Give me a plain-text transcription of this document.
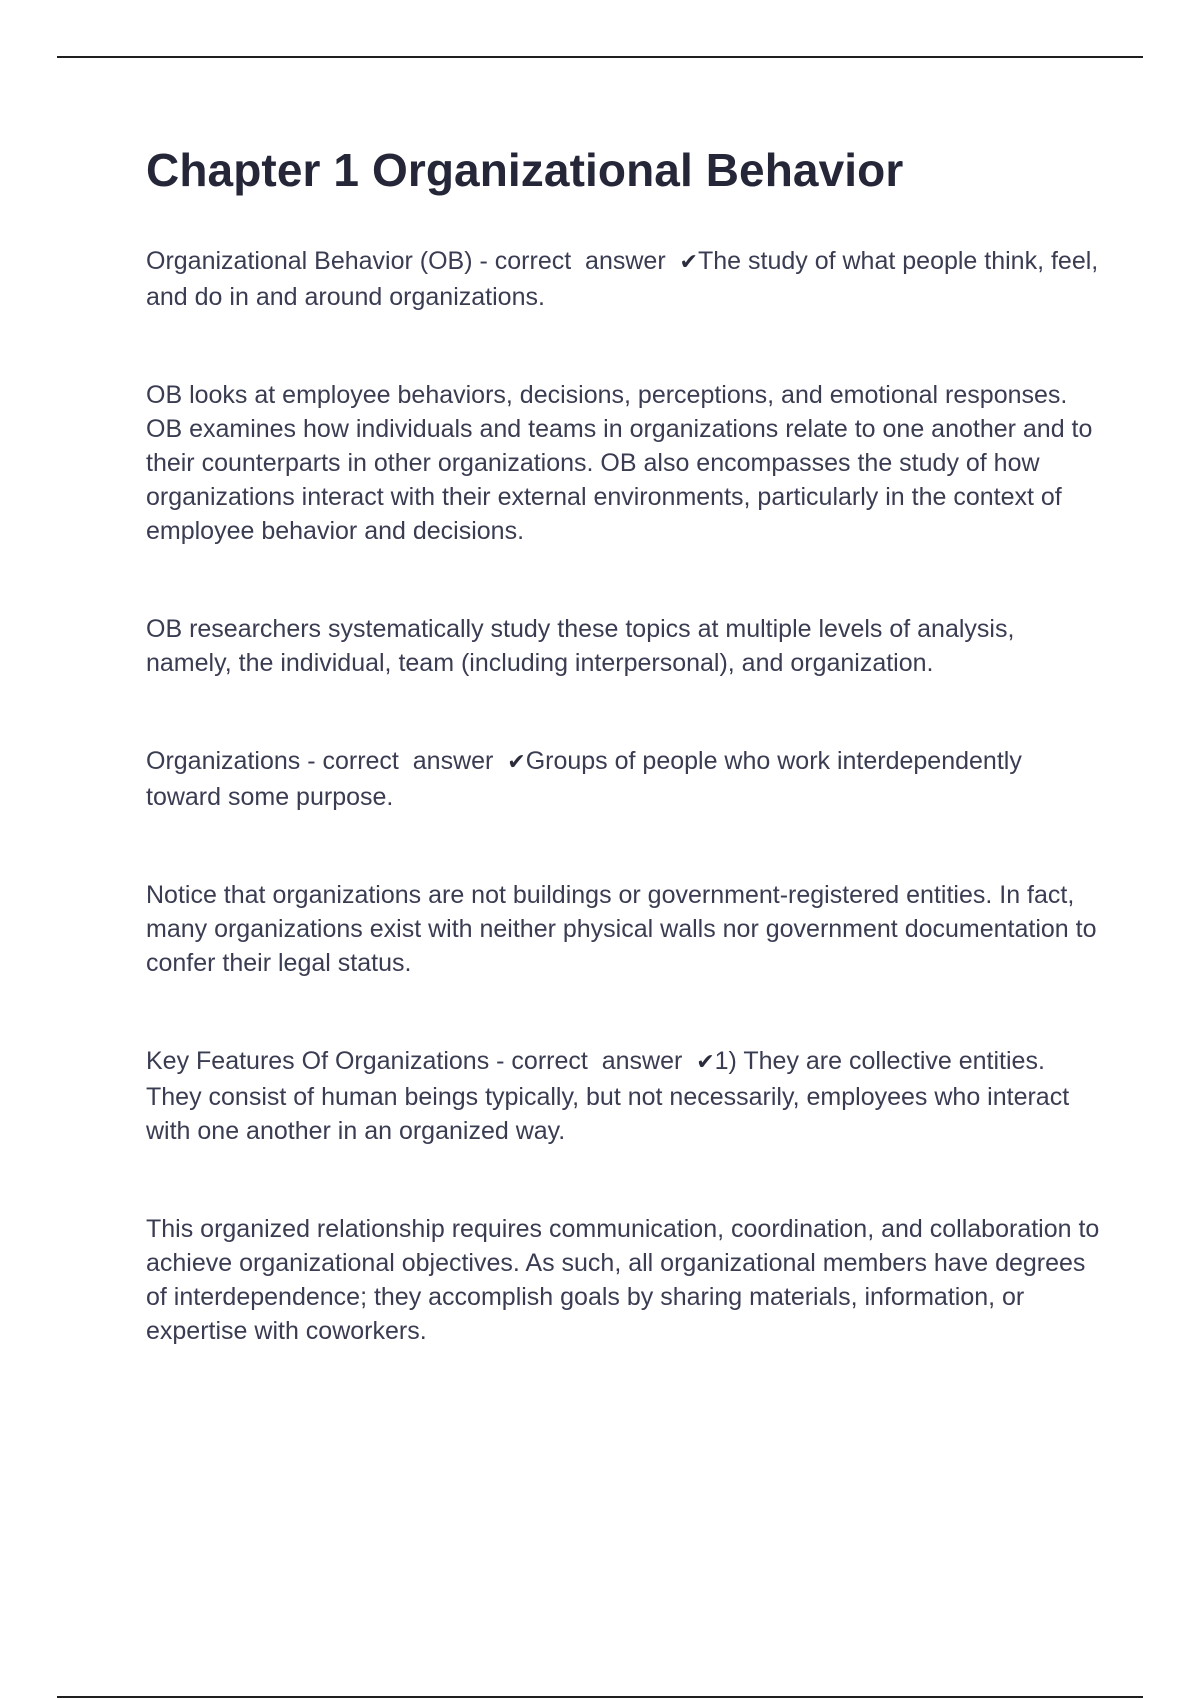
Chapter 1 Organizational Behavior

Organizational Behavior (OB) - correct  answer  ✔The study of what people think, feel, and do in and around organizations.

OB looks at employee behaviors, decisions, perceptions, and emotional responses. OB examines how individuals and teams in organizations relate to one another and to their counterparts in other organizations. OB also encompasses the study of how organizations interact with their external environments, particularly in the context of employee behavior and decisions.

OB researchers systematically study these topics at multiple levels of analysis, namely, the individual, team (including interpersonal), and organization.

Organizations - correct  answer  ✔Groups of people who work interdependently toward some purpose.

Notice that organizations are not buildings or government-registered entities. In fact, many organizations exist with neither physical walls nor government documentation to confer their legal status.

Key Features Of Organizations - correct  answer  ✔1) They are collective entities. They consist of human beings typically, but not necessarily, employees who interact with one another in an organized way.

This organized relationship requires communication, coordination, and collaboration to achieve organizational objectives. As such, all organizational members have degrees of interdependence; they accomplish goals by sharing materials, information, or expertise with coworkers.
